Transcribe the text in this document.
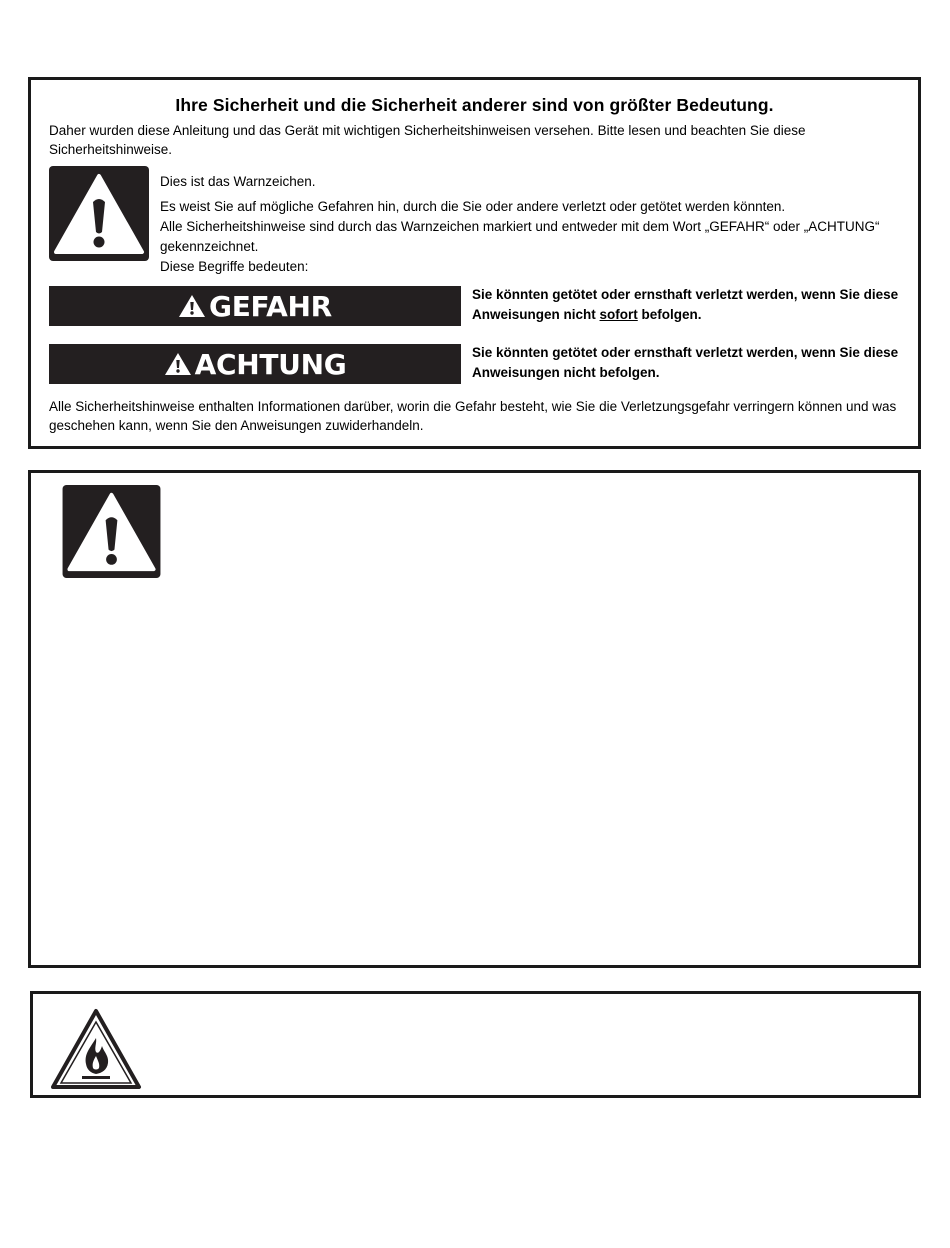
Ihre Sicherheit und die Sicherheit anderer sind von größter Bedeutung.
Daher wurden diese Anleitung und das Gerät mit wichtigen Sicherheitshinweisen versehen. Bitte lesen und beachten Sie diese Sicherheitshinweise.

Dies ist das Warnzeichen.

Es weist Sie auf mögliche Gefahren hin, durch die Sie oder andere verletzt oder getötet werden könnten.

Alle Sicherheitshinweise sind durch das Warnzeichen markiert und entweder mit dem Wort „GEFAHR“ oder „ACHTUNG“ gekennzeichnet.

Diese Begriffe bedeuten:

GEFAHR	Sie könnten getötet oder ernsthaft verletzt werden, wenn Sie diese Anweisungen nicht sofort befolgen.
ACHTUNG	Sie könnten getötet oder ernsthaft verletzt werden, wenn Sie diese Anweisungen nicht befolgen.
Alle Sicherheitshinweise enthalten Informationen darüber, worin die Gefahr besteht, wie Sie die Verletzungsgefahr verringern können und was geschehen kann, wenn Sie den Anweisungen zuwiderhandeln.
